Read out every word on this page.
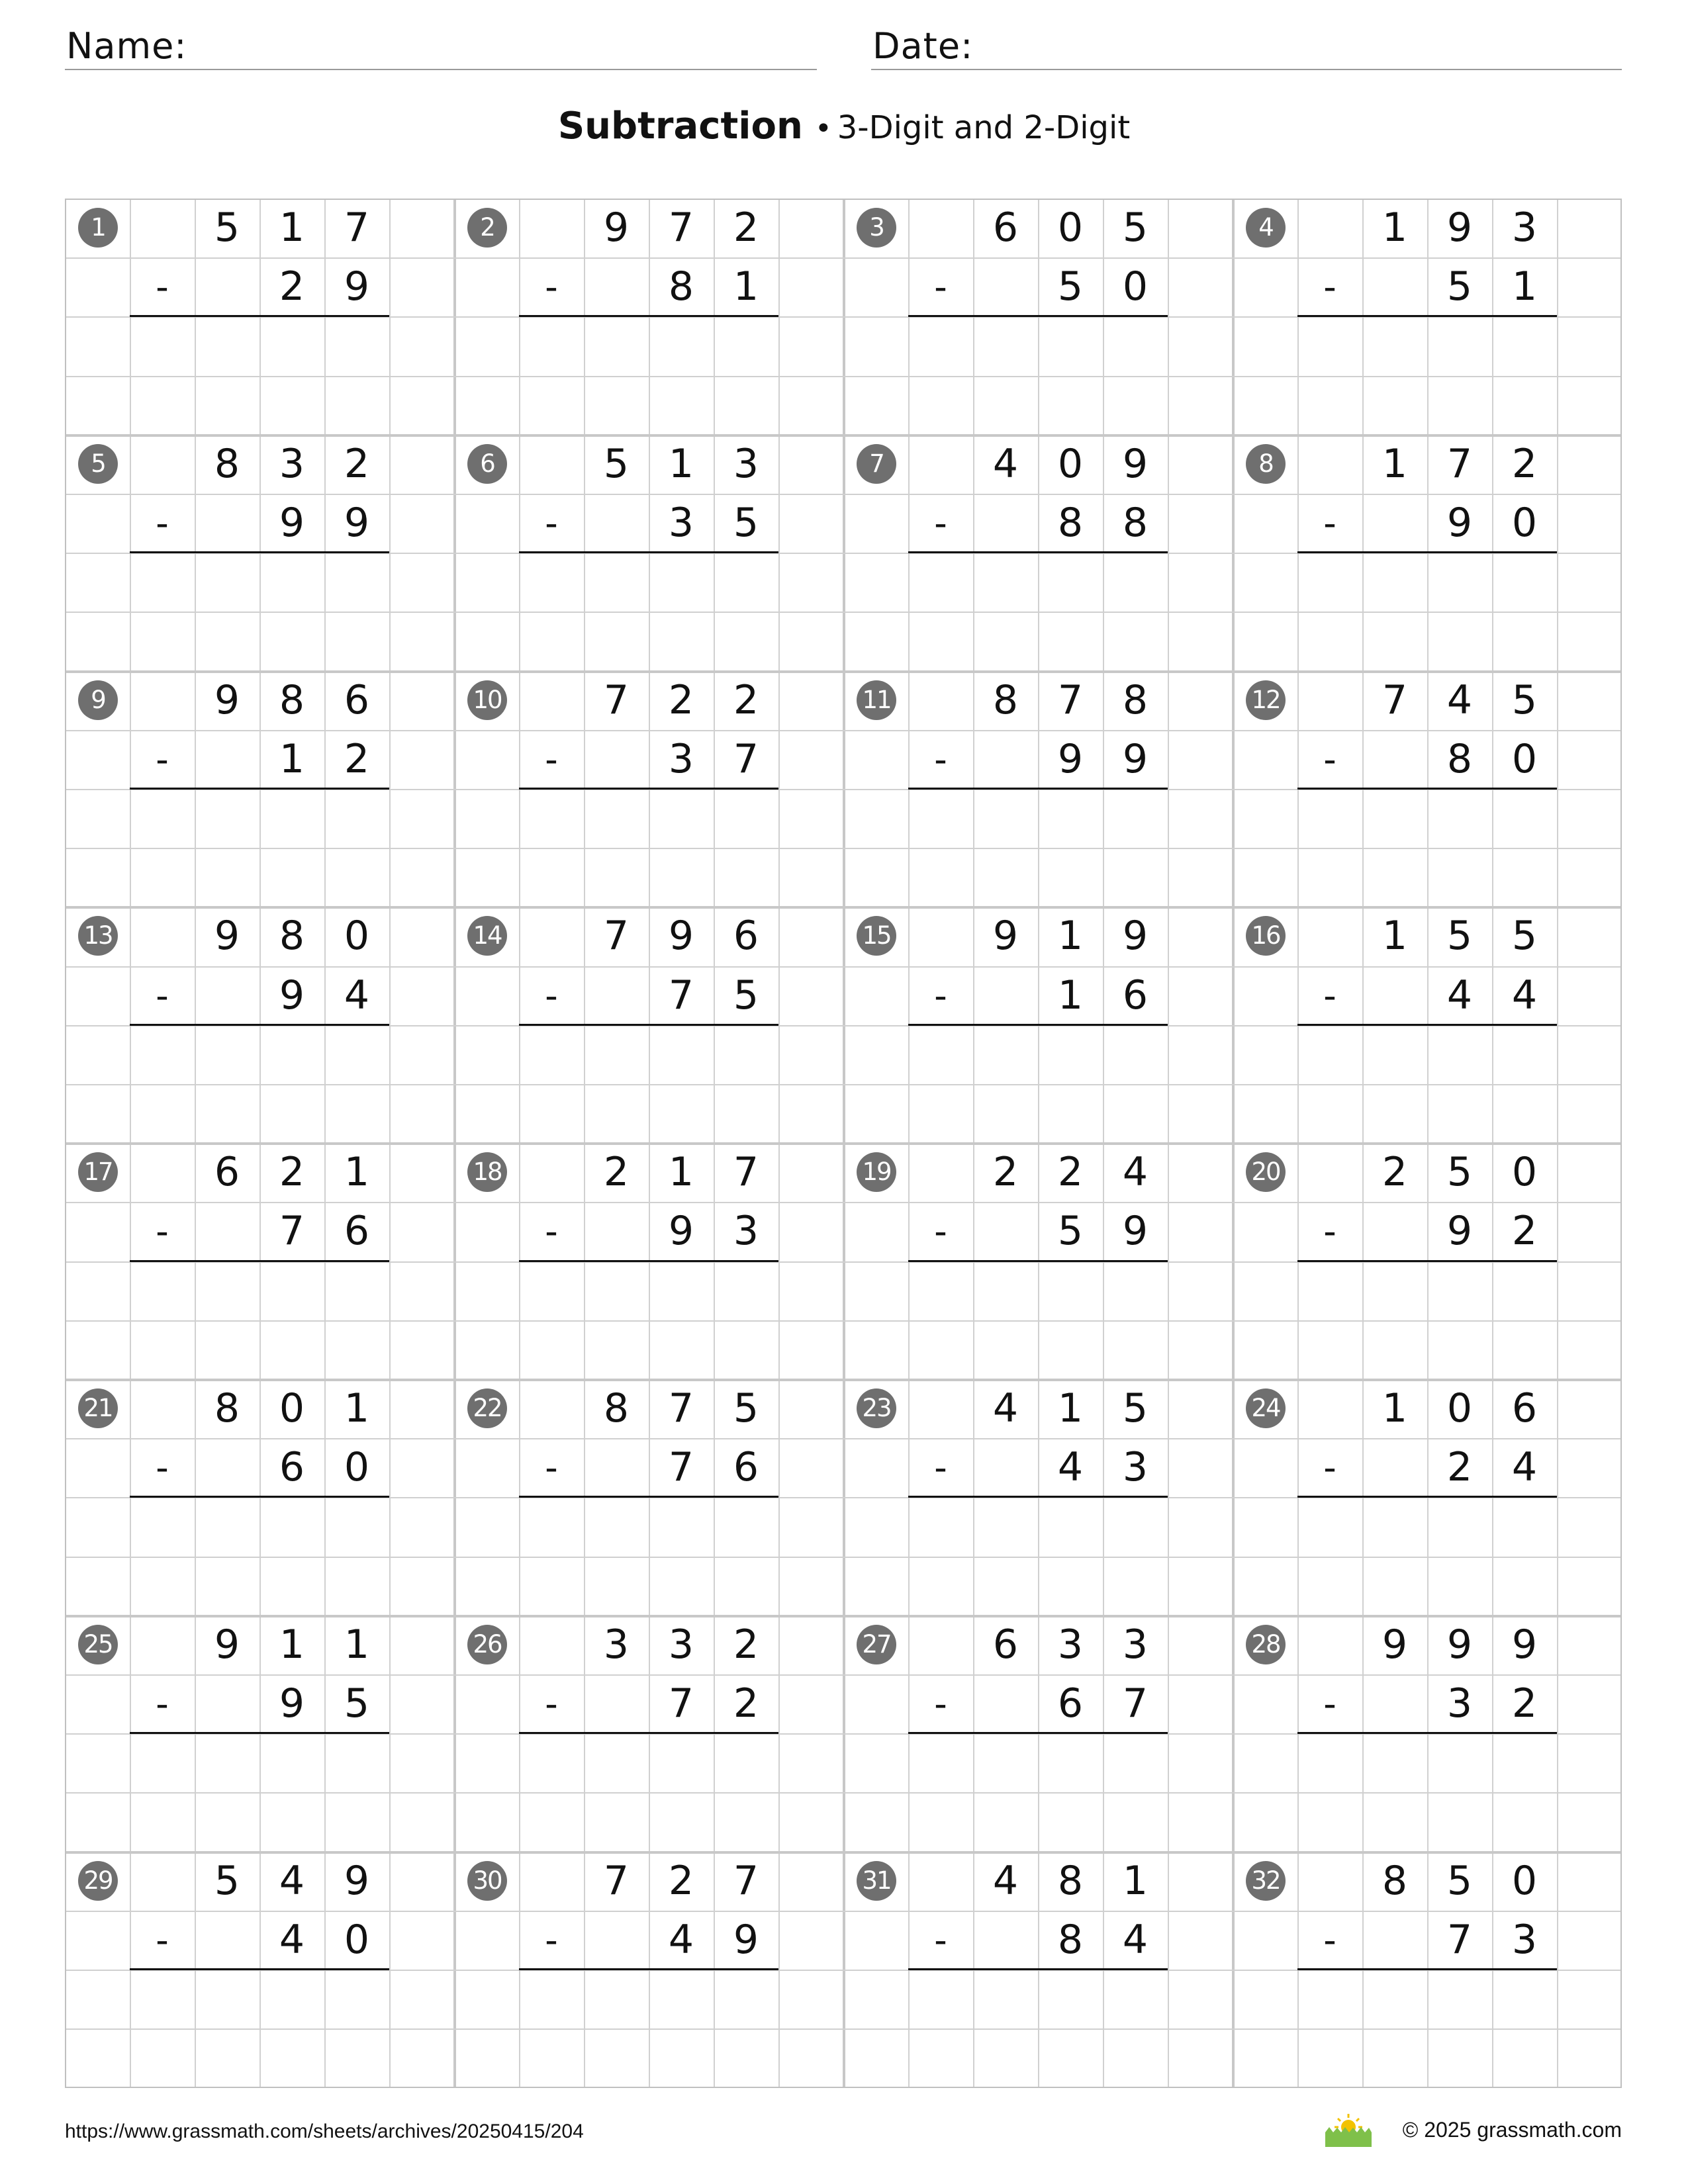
Name:	Date:
Subtraction • 3-Digit and 2-Digit
1	5 1 7
-	2 9
2	9 7 2
-	8 1
3	6 0 5
-	5 0
4	1 9 3
-	5 1
5	8 3 2
-	9 9
6	5 1 3
-	3 5
7	4 0 9
-	8 8
8	1 7 2
-	9 0
9	9 8 6
-	1 2
10	7 2 2
-	3 7
11	8 7 8
-	9 9
12	7 4 5
-	8 0
13	9 8 0
-	9 4
14	7 9 6
-	7 5
15	9 1 9
-	1 6
16	1 5 5
-	4 4
17	6 2 1
-	7 6
18	2 1 7
-	9 3
19	2 2 4
-	5 9
20	2 5 0
-	9 2
21	8 0 1
-	6 0
22	8 7 5
-	7 6
23	4 1 5
-	4 3
24	1 0 6
-	2 4
25	9 1 1
-	9 5
26	3 3 2
-	7 2
27	6 3 3
-	6 7
28	9 9 9
-	3 2
29	5 4 9
-	4 0
30	7 2 7
-	4 9
31	4 8 1
-	8 4
32	8 5 0
-	7 3
https://www.grassmath.com/sheets/archives/20250415/204	© 2025 grassmath.com
